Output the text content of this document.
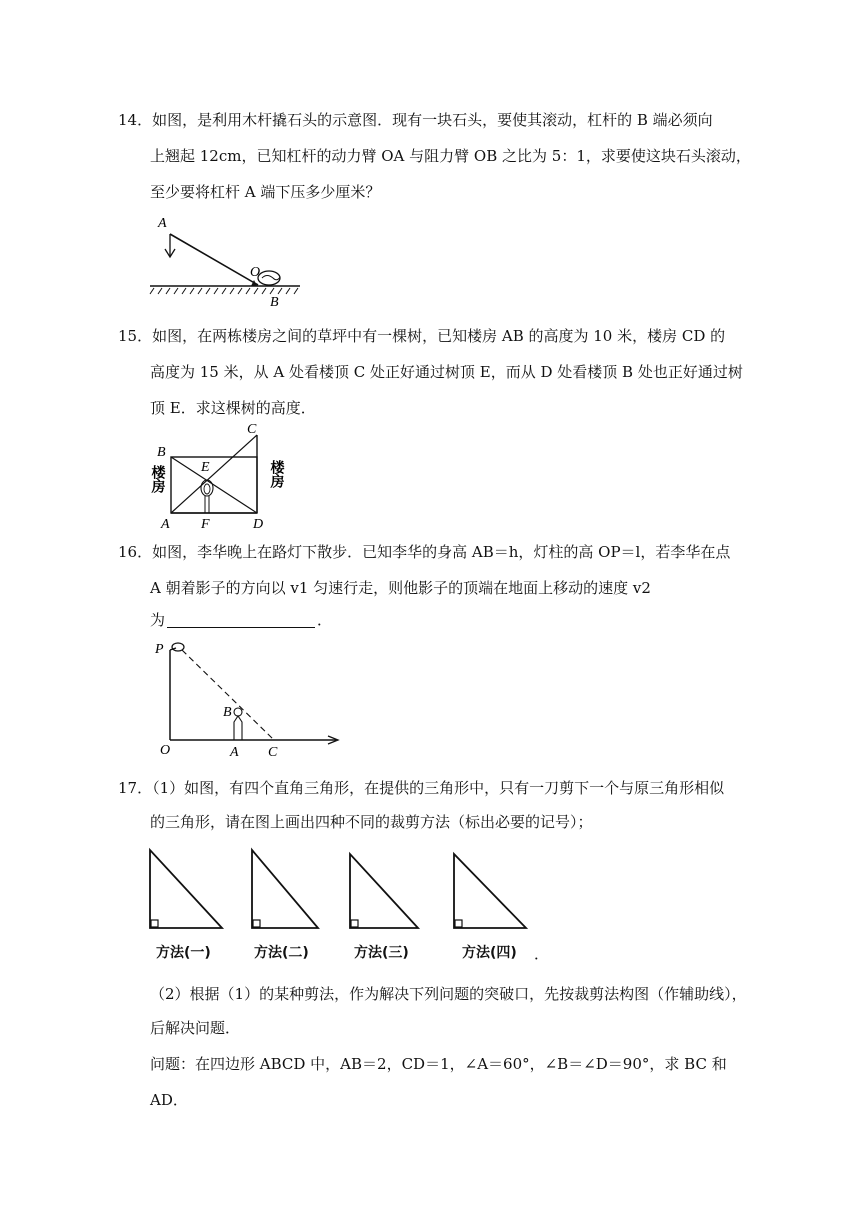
14．如图，是利用木杆撬石头的示意图．现有一块石头，要使其滚动，杠杆的 B 端必须向
上翘起 12cm，已知杠杆的动力臂 OA 与阻力臂 OB 之比为 5：1，求要使这块石头滚动，
至少要将杠杆 A 端下压多少厘米？
A
O
B
15．如图，在两栋楼房之间的草坪中有一棵树，已知楼房 AB 的高度为 10 米，楼房 CD 的
高度为 15 米，从 A 处看楼顶 C 处正好通过树顶 E，而从 D 处看楼顶 B 处也正好通过树
顶 E．求这棵树的高度．
B
C
E
A F	D
楼房	楼房
16．如图，李华晚上在路灯下散步．已知李华的身高 AB＝h，灯柱的高 OP＝l，若李华在点
A 朝着影子的方向以 v1 匀速行走，则他影子的顶端在地面上移动的速度 v2
为	．
P
B
O	A C
17．（1）如图，有四个直角三角形，在提供的三角形中，只有一刀剪下一个与原三角形相似
的三角形，请在图上画出四种不同的裁剪方法（标出必要的记号）；
方法(一)	方法(二)	方法(三)	方法(四) ．
（2）根据（1）的某种剪法，作为解决下列问题的突破口，先按裁剪法构图（作辅助线），
后解决问题．
问题：在四边形 ABCD 中，AB＝2，CD＝1，∠A＝60°，∠B＝∠D＝90°，求 BC 和
AD．
